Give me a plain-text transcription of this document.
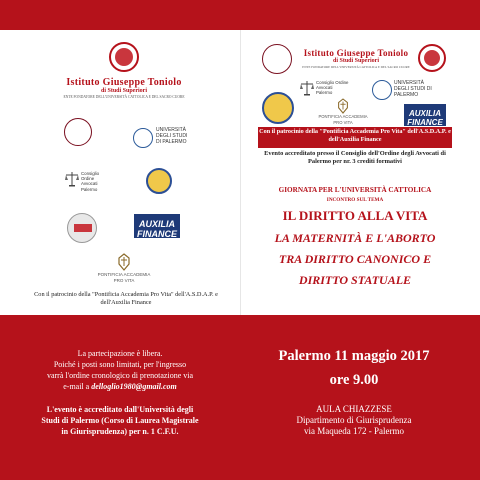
Istituto Giuseppe Toniolo
di Studi Superiori
ENTE FONDATORE DELL'UNIVERSITÀ CATTOLICA E DEL SACRO CUORE
UNIVERSITÀ DEGLI STUDI DI PALERMO
Consiglio Ordine Avvocati Palermo
AUXILIA FINANCE
PONTIFICIA ACCADEMIA PRO VITA
Con il patrocinio della "Pontificia Accademia Pro Vita" dell'A.S.D.A.P. e dell'Auxilia Finance
Istituto Giuseppe Toniolo
di Studi Superiori
ENTE FONDATORE DELL'UNIVERSITÀ CATTOLICA E DEL SACRO CUORE
Consiglio Ordine Avvocati Palermo
UNIVERSITÀ DEGLI STUDI DI PALERMO
PONTIFICIA ACCADEMIA PRO VITA
AUXILIA FINANCE
Con il patrocinio della "Pontificia Accademia Pro Vita" dell'A.S.D.A.P. e dell'Auxilia Finance
Evento accreditato presso il Consiglio dell'Ordine degli Avvocati di Palermo per nr. 3 crediti formativi
GIORNATA PER L'UNIVERSITÀ CATTOLICA
INCONTRO SUL TEMA
IL DIRITTO ALLA VITA
LA MATERNITÀ E L'ABORTO
TRA DIRITTO CANONICO E
DIRITTO STATUALE
La partecipazione è libera.
Poiché i posti sono limitati, per l'ingresso
varrà l'ordine cronologico di prenotazione via
e-mail a delloglio1980@gmail.com
L'evento è accreditato dall'Università degli
Studi di Palermo (Corso di Laurea Magistrale
in Giurisprudenza) per n. 1 C.F.U.
Palermo 11 maggio 2017
ore 9.00
AULA CHIAZZESE
Dipartimento di Giurisprudenza
via Maqueda 172 - Palermo
